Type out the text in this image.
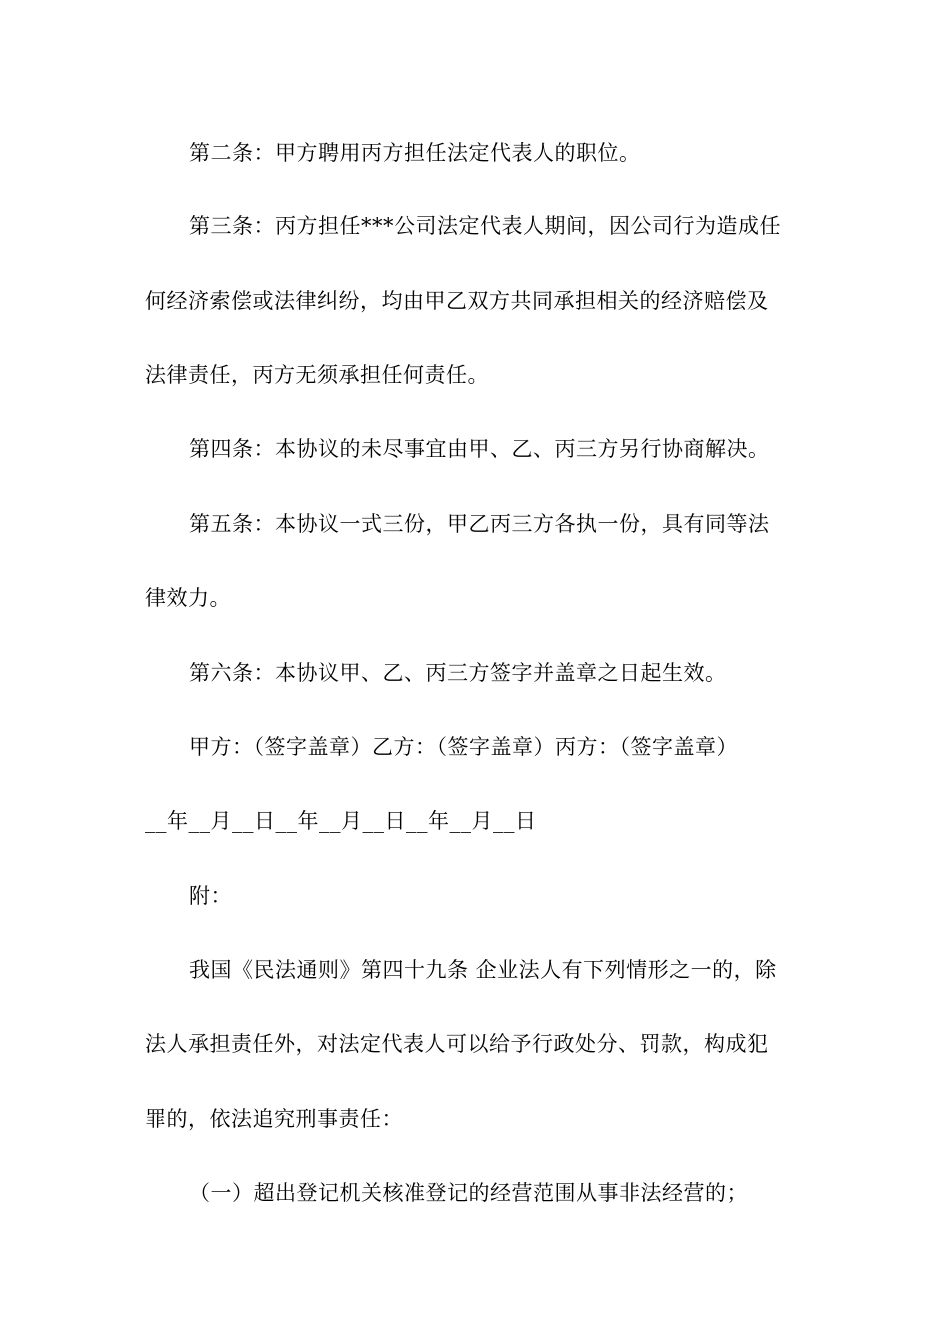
第二条：甲方聘用丙方担任法定代表人的职位。
第三条：丙方担任***公司法定代表人期间，因公司行为造成任
何经济索偿或法律纠纷，均由甲乙双方共同承担相关的经济赔偿及
法律责任，丙方无须承担任何责任。
第四条：本协议的未尽事宜由甲、乙、丙三方另行协商解决。
第五条：本协议一式三份，甲乙丙三方各执一份，具有同等法
律效力。
第六条：本协议甲、乙、丙三方签字并盖章之日起生效。
甲方：（签字盖章）乙方：（签字盖章）丙方：（签字盖章）
__年__月__日__年__月__日__年__月__日
附：
我国《民法通则》第四十九条 企业法人有下列情形之一的，除
法人承担责任外，对法定代表人可以给予行政处分、罚款，构成犯
罪的，依法追究刑事责任：
（一）超出登记机关核准登记的经营范围从事非法经营的；
